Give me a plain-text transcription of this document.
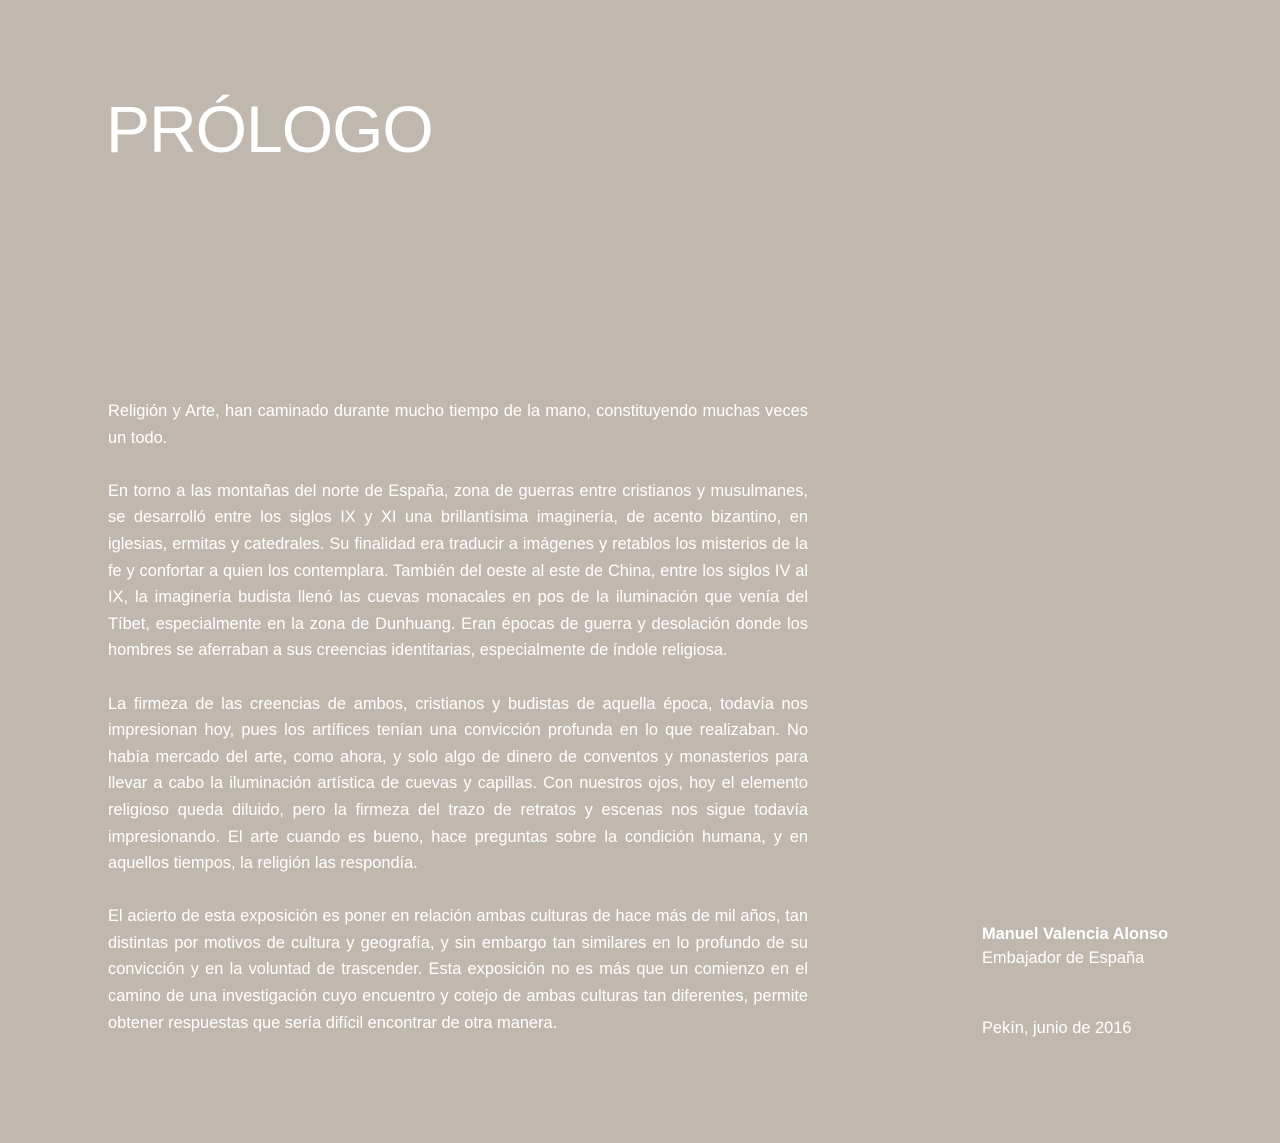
PRÓLOGO

Religión y Arte, han caminado durante mucho tiempo de la mano, constituyendo muchas veces un todo.

En torno a las montañas del norte de España, zona de guerras entre cristianos y musulmanes, se desarrolló entre los siglos IX y XI una brillantísima imaginería, de acento bizantino, en iglesias, ermitas y catedrales. Su finalidad era traducir a imágenes y retablos los misterios de la fe y confortar a quien los contemplara. También del oeste al este de China, entre los siglos IV al IX, la imaginería budista llenó las cuevas monacales en pos de la iluminación que venía del Tíbet, especialmente en la zona de Dunhuang. Eran épocas de guerra y desolación donde los hombres se aferraban a sus creencias identitarias, especialmente de índole religiosa.

La firmeza de las creencias de ambos, cristianos y budistas de aquella época, todavía nos impresionan hoy, pues los artífices tenían una convicción profunda en lo que realizaban. No había mercado del arte, como ahora, y solo algo de dinero de conventos y monasterios para llevar a cabo la iluminación artística de cuevas y capillas. Con nuestros ojos, hoy el elemento religioso queda diluido, pero la firmeza del trazo de retratos y escenas nos sigue todavía impresionando. El arte cuando es bueno, hace preguntas sobre la condición humana, y en aquellos tiempos, la religión las respondía.

El acierto de esta exposición es poner en relación ambas culturas de hace más de mil años, tan distintas por motivos de cultura y geografía, y sin embargo tan similares en lo profundo de su convicción y en la voluntad de trascender. Esta exposición no es más que un comienzo en el camino de una investigación cuyo encuentro y cotejo de ambas culturas tan diferentes, permite obtener respuestas que sería difícil encontrar de otra manera.

Manuel Valencia Alonso
Embajador de España
Pekín, junio de 2016
